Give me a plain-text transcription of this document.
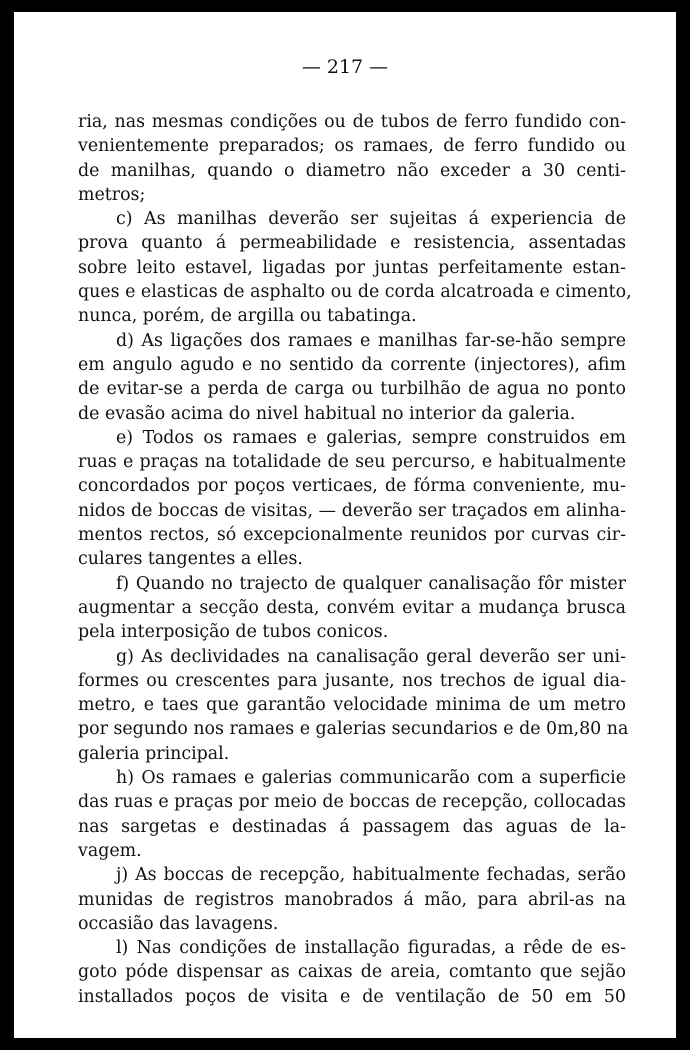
— 217 —
ria, nas mesmas condições ou de tubos de ferro fundido con-
venientemente preparados; os ramaes, de ferro fundido ou
de manilhas, quando o diametro não exceder a 30 centi-
metros;
c) As manilhas deverão ser sujeitas á experiencia de
prova quanto á permeabilidade e resistencia, assentadas
sobre leito estavel, ligadas por juntas perfeitamente estan-
ques e elasticas de asphalto ou de corda alcatroada e cimento,
nunca, porém, de argilla ou tabatinga.
d) As ligações dos ramaes e manilhas far-se-hão sempre
em angulo agudo e no sentido da corrente (injectores), afim
de evitar-se a perda de carga ou turbilhão de agua no ponto
de evasão acima do nivel habitual no interior da galeria.
e) Todos os ramaes e galerias, sempre construidos em
ruas e praças na totalidade de seu percurso, e habitualmente
concordados por poços verticaes, de fórma conveniente, mu-
nidos de boccas de visitas, — deverão ser traçados em alinha-
mentos rectos, só excepcionalmente reunidos por curvas cir-
culares tangentes a elles.
f) Quando no trajecto de qualquer canalisação fôr mister
augmentar a secção desta, convém evitar a mudança brusca
pela interposição de tubos conicos.
g) As declividades na canalisação geral deverão ser uni-
formes ou crescentes para jusante, nos trechos de igual dia-
metro, e taes que garantão velocidade minima de um metro
por segundo nos ramaes e galerias secundarios e de 0m,80 na
galeria principal.
h) Os ramaes e galerias communicarão com a superficie
das ruas e praças por meio de boccas de recepção, collocadas
nas sargetas e destinadas á passagem das aguas de la-
vagem.
j) As boccas de recepção, habitualmente fechadas, serão
munidas de registros manobrados á mão, para abril-as na
occasião das lavagens.
l) Nas condições de installação figuradas, a rêde de es-
goto póde dispensar as caixas de areia, comtanto que sejão
installados poços de visita e de ventilação de 50 em 50
